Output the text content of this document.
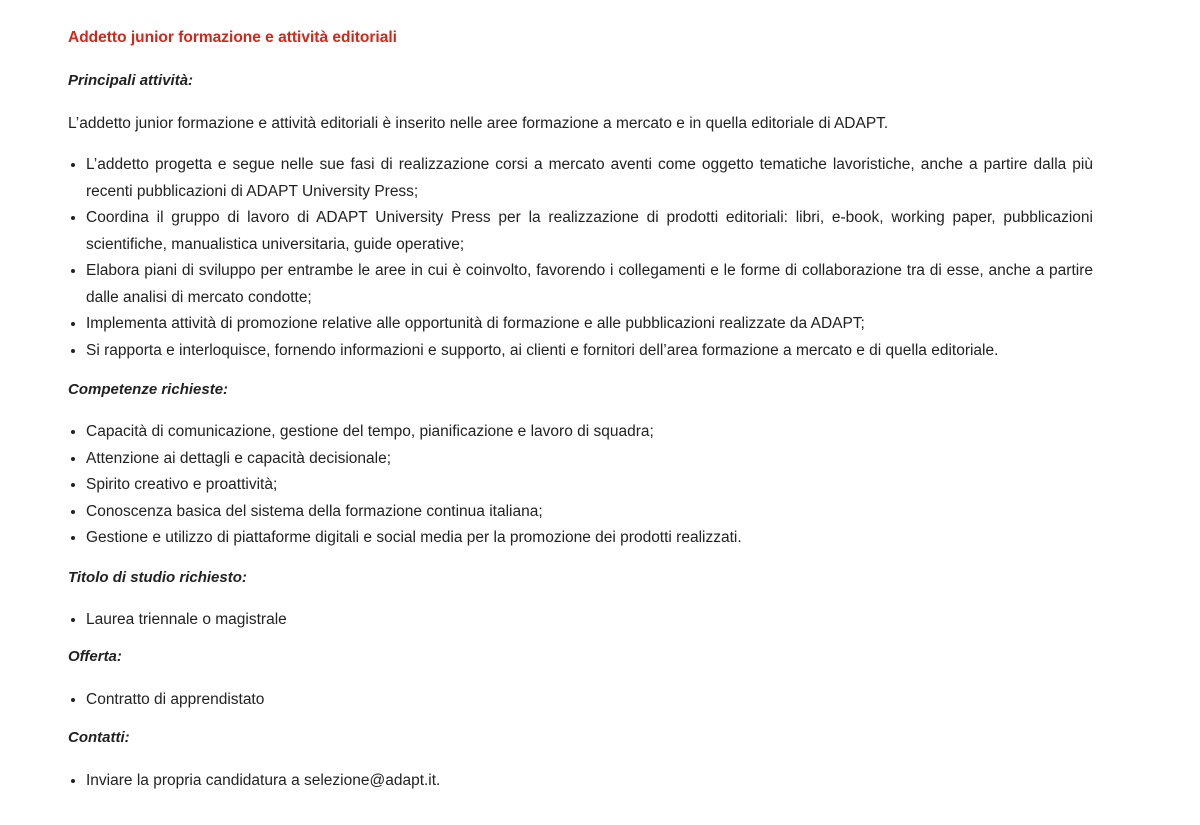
Addetto junior formazione e attività editoriali
Principali attività:
L’addetto junior formazione e attività editoriali è inserito nelle aree formazione a mercato e in quella editoriale di ADAPT.
• L’addetto progetta e segue nelle sue fasi di realizzazione corsi a mercato aventi come oggetto tematiche lavoristiche, anche a partire dalla più recenti pubblicazioni di ADAPT University Press;
• Coordina il gruppo di lavoro di ADAPT University Press per la realizzazione di prodotti editoriali: libri, e-book, working paper, pubblicazioni scientifiche, manualistica universitaria, guide operative;
• Elabora piani di sviluppo per entrambe le aree in cui è coinvolto, favorendo i collegamenti e le forme di collaborazione tra di esse, anche a partire dalle analisi di mercato condotte;
• Implementa attività di promozione relative alle opportunità di formazione e alle pubblicazioni realizzate da ADAPT;
• Si rapporta e interloquisce, fornendo informazioni e supporto, ai clienti e fornitori dell’area formazione a mercato e di quella editoriale.
Competenze richieste:
• Capacità di comunicazione, gestione del tempo, pianificazione e lavoro di squadra;
• Attenzione ai dettagli e capacità decisionale;
• Spirito creativo e proattività;
• Conoscenza basica del sistema della formazione continua italiana;
• Gestione e utilizzo di piattaforme digitali e social media per la promozione dei prodotti realizzati.
Titolo di studio richiesto:
• Laurea triennale o magistrale
Offerta:
• Contratto di apprendistato
Contatti:
• Inviare la propria candidatura a selezione@adapt.it.
